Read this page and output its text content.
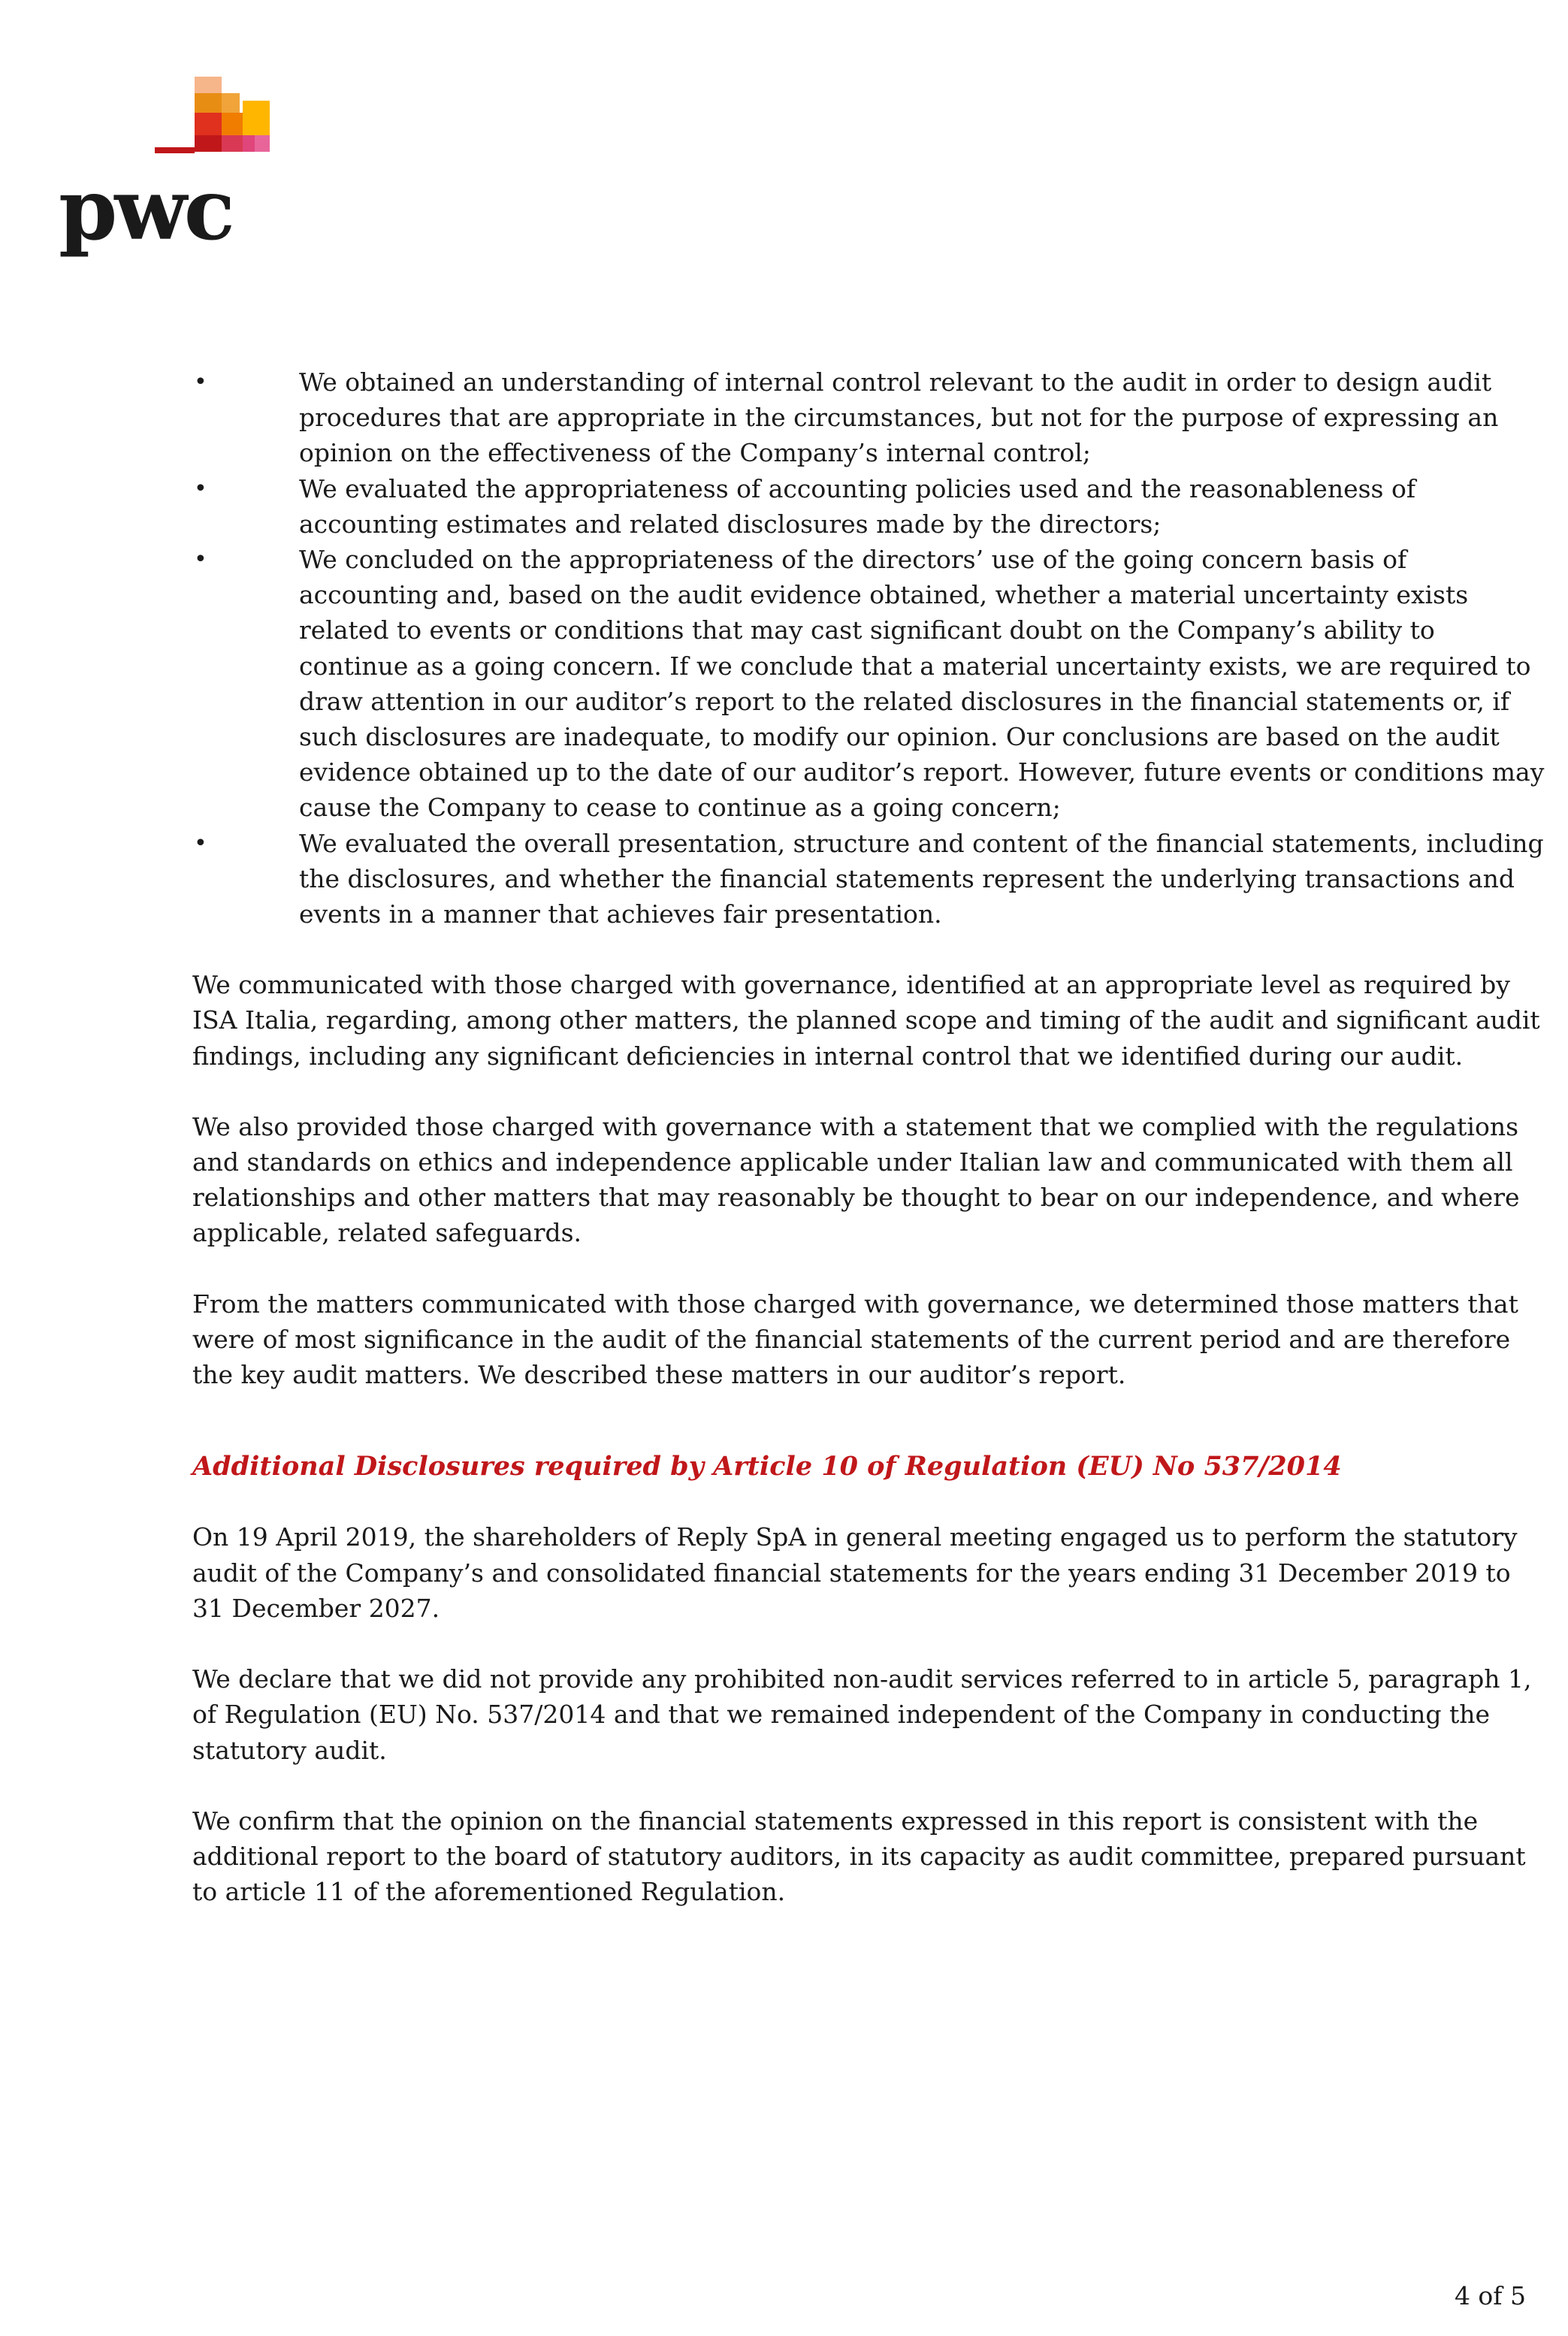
pwc
•	We obtained an understanding of internal control relevant to the audit in order to design audit procedures that are appropriate in the circumstances, but not for the purpose of expressing an opinion on the effectiveness of the Company’s internal control;
•	We evaluated the appropriateness of accounting policies used and the reasonableness of accounting estimates and related disclosures made by the directors;
•	We concluded on the appropriateness of the directors’ use of the going concern basis of accounting and, based on the audit evidence obtained, whether a material uncertainty exists related to events or conditions that may cast significant doubt on the Company’s ability to continue as a going concern. If we conclude that a material uncertainty exists, we are required to draw attention in our auditor’s report to the related disclosures in the financial statements or, if such disclosures are inadequate, to modify our opinion. Our conclusions are based on the audit evidence obtained up to the date of our auditor’s report. However, future events or conditions may cause the Company to cease to continue as a going concern;
•	We evaluated the overall presentation, structure and content of the financial statements, including the disclosures, and whether the financial statements represent the underlying transactions and events in a manner that achieves fair presentation.

We communicated with those charged with governance, identified at an appropriate level as required by ISA Italia, regarding, among other matters, the planned scope and timing of the audit and significant audit findings, including any significant deficiencies in internal control that we identified during our audit.

We also provided those charged with governance with a statement that we complied with the regulations and standards on ethics and independence applicable under Italian law and communicated with them all relationships and other matters that may reasonably be thought to bear on our independence, and where applicable, related safeguards.

From the matters communicated with those charged with governance, we determined those matters that were of most significance in the audit of the financial statements of the current period and are therefore the key audit matters. We described these matters in our auditor’s report.

Additional Disclosures required by Article 10 of Regulation (EU) No 537/2014

On 19 April 2019, the shareholders of Reply SpA in general meeting engaged us to perform the statutory audit of the Company’s and consolidated financial statements for the years ending 31 December 2019 to 31 December 2027.

We declare that we did not provide any prohibited non-audit services referred to in article 5, paragraph 1, of Regulation (EU) No. 537/2014 and that we remained independent of the Company in conducting the statutory audit.

We confirm that the opinion on the financial statements expressed in this report is consistent with the additional report to the board of statutory auditors, in its capacity as audit committee, prepared pursuant to article 11 of the aforementioned Regulation.

4 of 5
